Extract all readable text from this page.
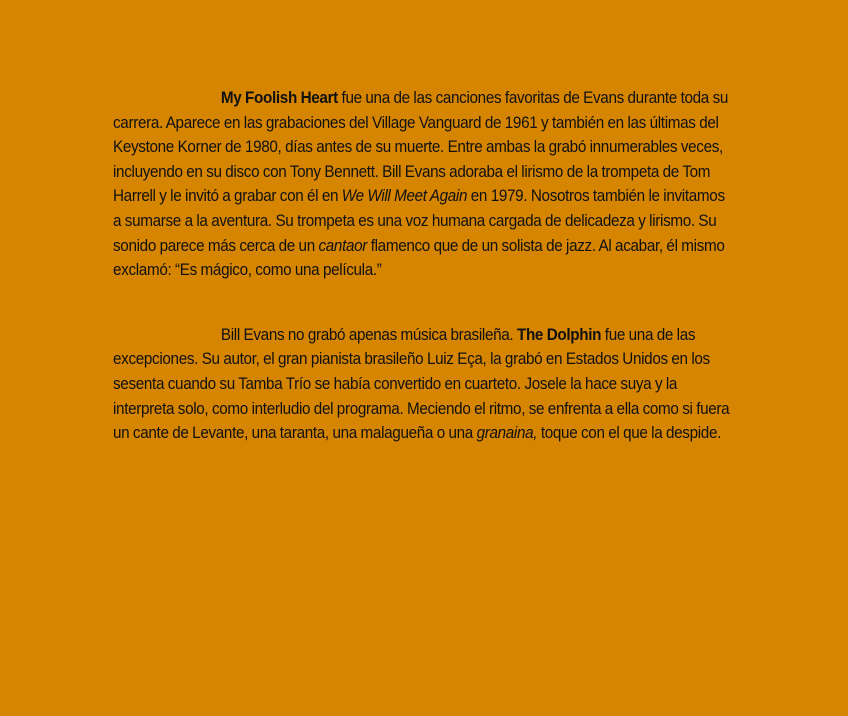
My Foolish Heart fue una de las canciones favoritas de Evans durante toda su carrera. Aparece en las grabaciones del Village Vanguard de 1961 y también en las últimas del Keystone Korner de 1980, días antes de su muerte. Entre ambas la grabó innumerables veces, incluyendo en su disco con Tony Bennett. Bill Evans adoraba el lirismo de la trompeta de Tom Harrell y le invitó a grabar con él en We Will Meet Again en 1979. Nosotros también le invitamos a sumarse a la aventura. Su trompeta es una voz humana cargada de delicadeza y lirismo. Su sonido parece más cerca de un cantaor flamenco que de un solista de jazz. Al acabar, él mismo exclamó: “Es mágico, como una película.”

Bill Evans no grabó apenas música brasileña. The Dolphin fue una de las excepciones. Su autor, el gran pianista brasileño Luiz Eça, la grabó en Estados Unidos en los sesenta cuando su Tamba Trío se había convertido en cuarteto. Josele la hace suya y la interpreta solo, como interludio del programa. Meciendo el ritmo, se enfrenta a ella como si fuera un cante de Levante, una taranta, una malagueña o una granaina, toque con el que la despide.
